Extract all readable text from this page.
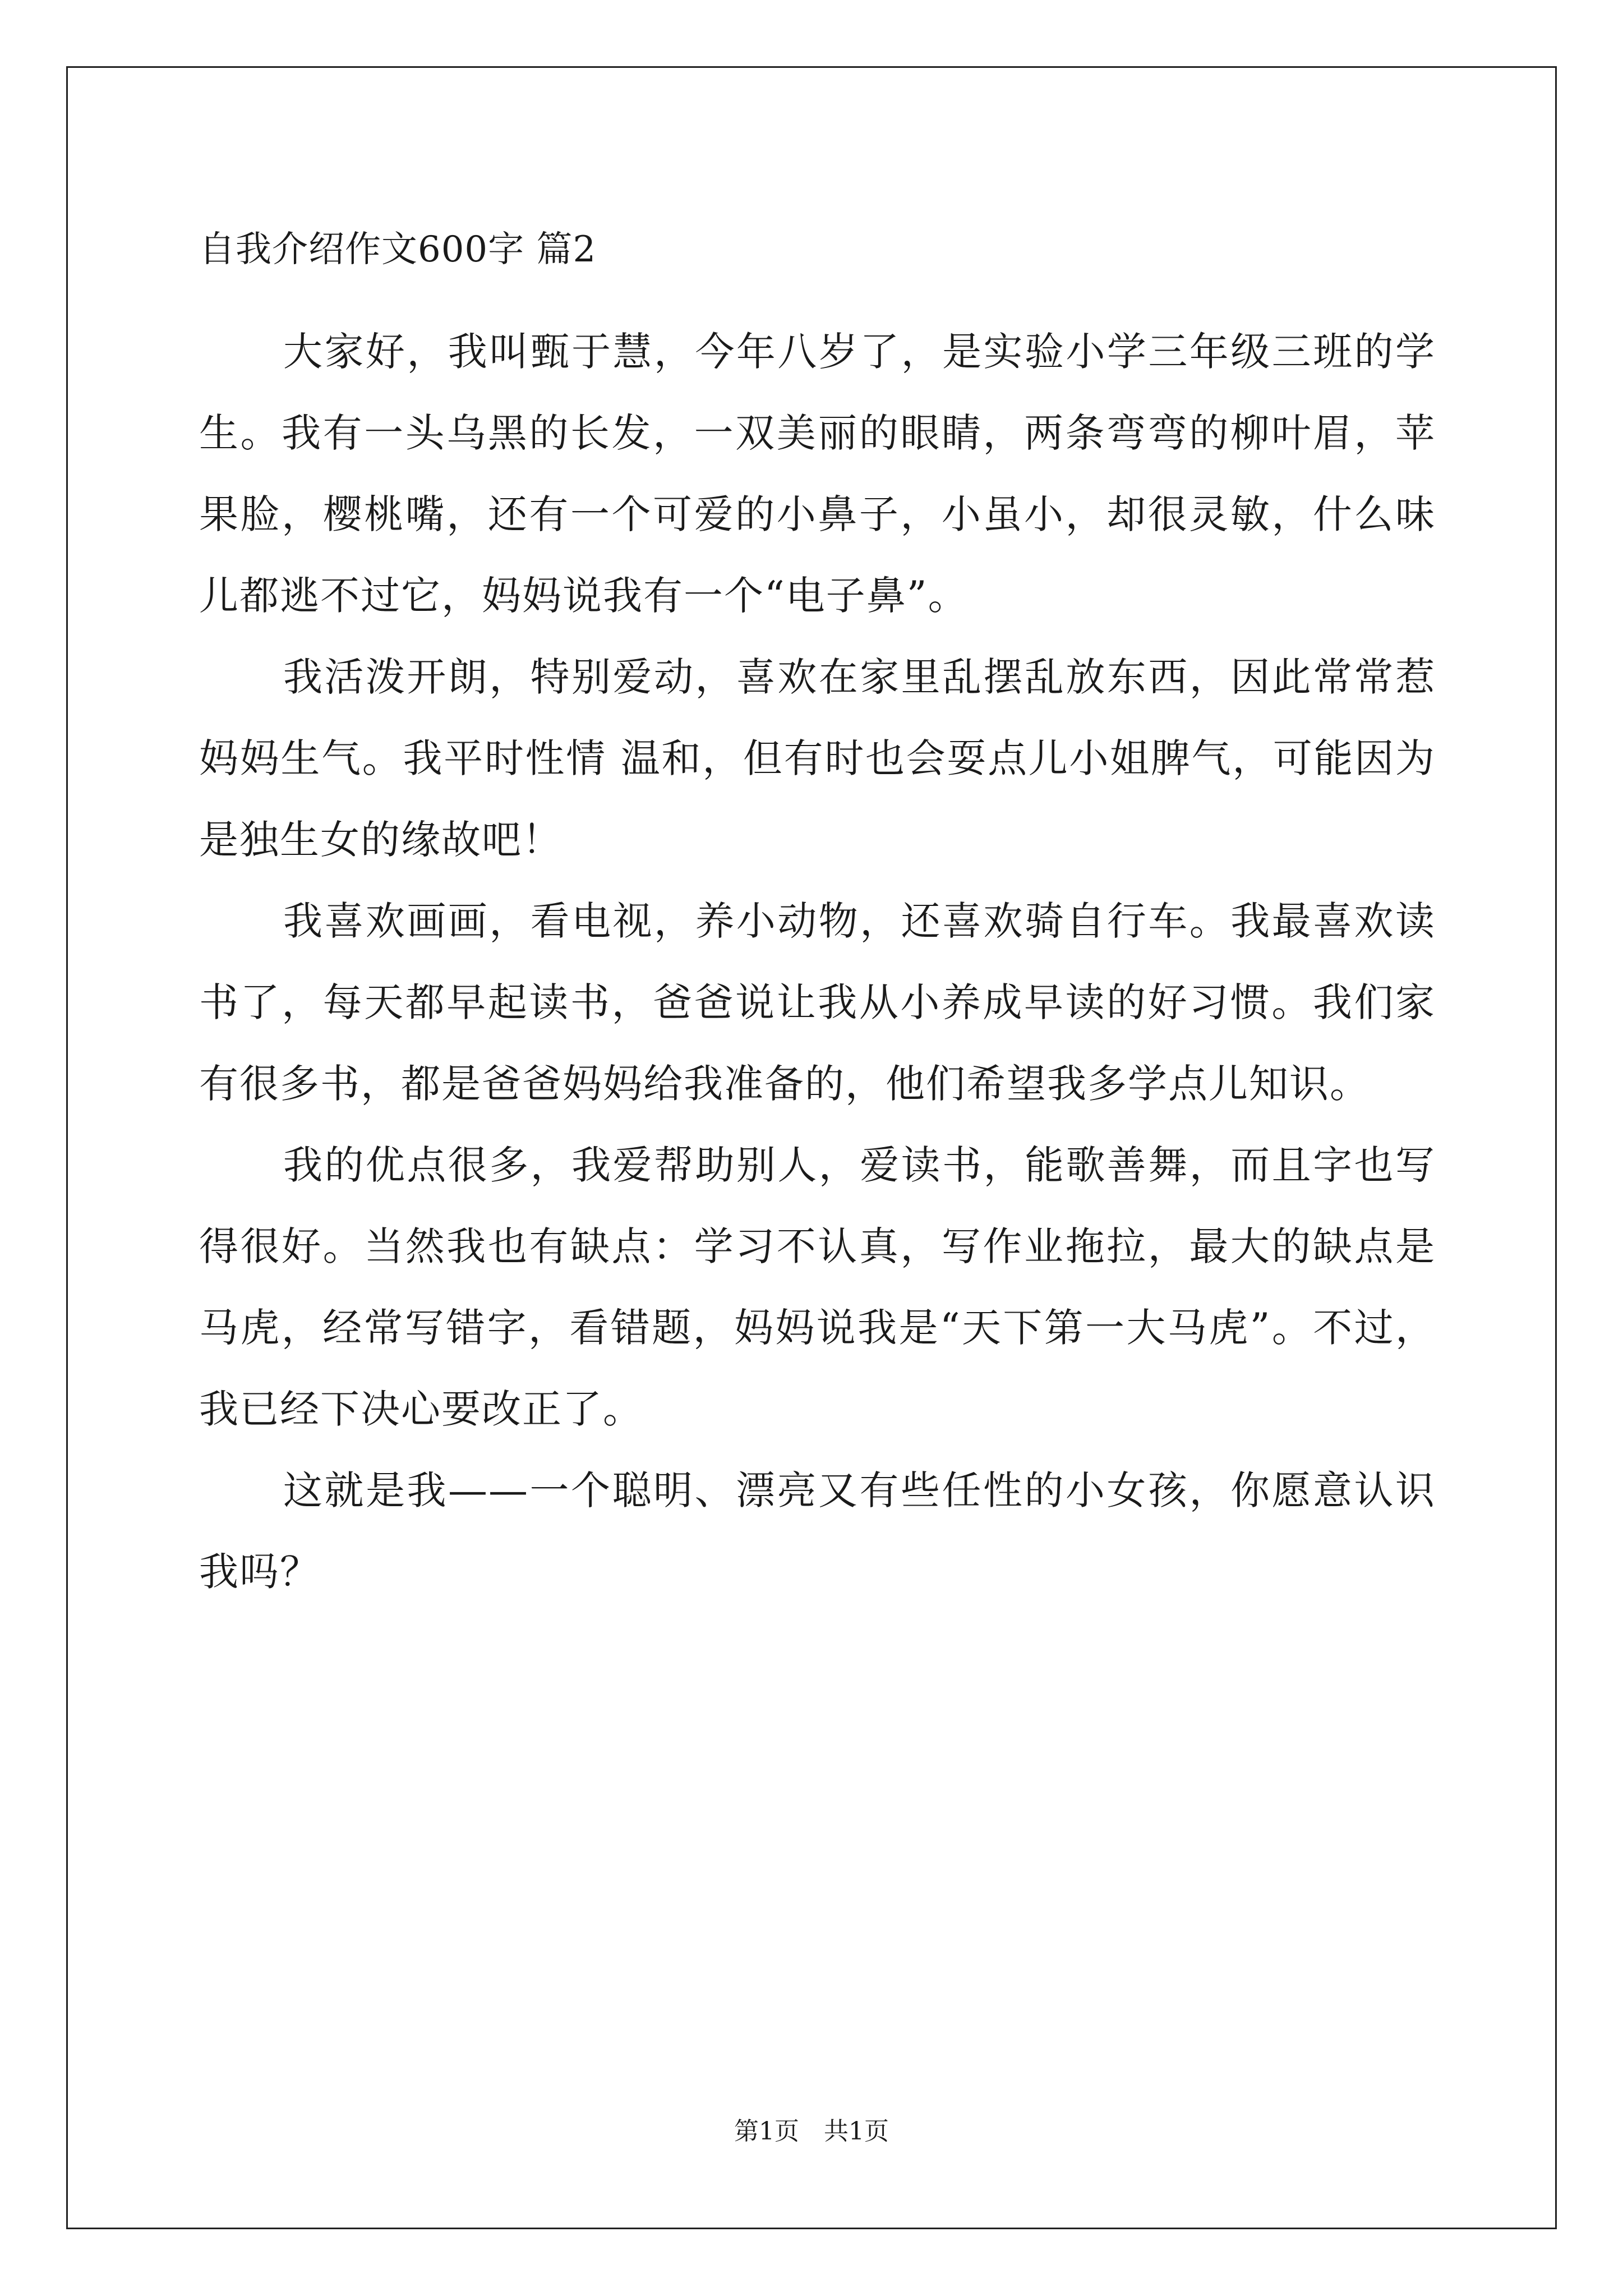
自我介绍作文600字 篇2

大家好，我叫甄于慧，今年八岁了，是实验小学三年级三班的学生。我有一头乌黑的长发，一双美丽的眼睛，两条弯弯的柳叶眉，苹果脸，樱桃嘴，还有一个可爱的小鼻子，小虽小，却很灵敏，什么味儿都逃不过它，妈妈说我有一个“电子鼻”。

我活泼开朗，特别爱动，喜欢在家里乱摆乱放东西，因此常常惹妈妈生气。我平时性情 温和，但有时也会耍点儿小姐脾气，可能因为是独生女的缘故吧！

我喜欢画画，看电视，养小动物，还喜欢骑自行车。我最喜欢读书了，每天都早起读书，爸爸说让我从小养成早读的好习惯。我们家有很多书，都是爸爸妈妈给我准备的，他们希望我多学点儿知识。

我的优点很多，我爱帮助别人，爱读书，能歌善舞，而且字也写得很好。当然我也有缺点：学习不认真，写作业拖拉，最大的缺点是马虎，经常写错字，看错题，妈妈说我是“天下第一大马虎”。不过，我已经下决心要改正了。

这就是我——一个聪明、漂亮又有些任性的小女孩，你愿意认识我吗？

第1页　共1页
